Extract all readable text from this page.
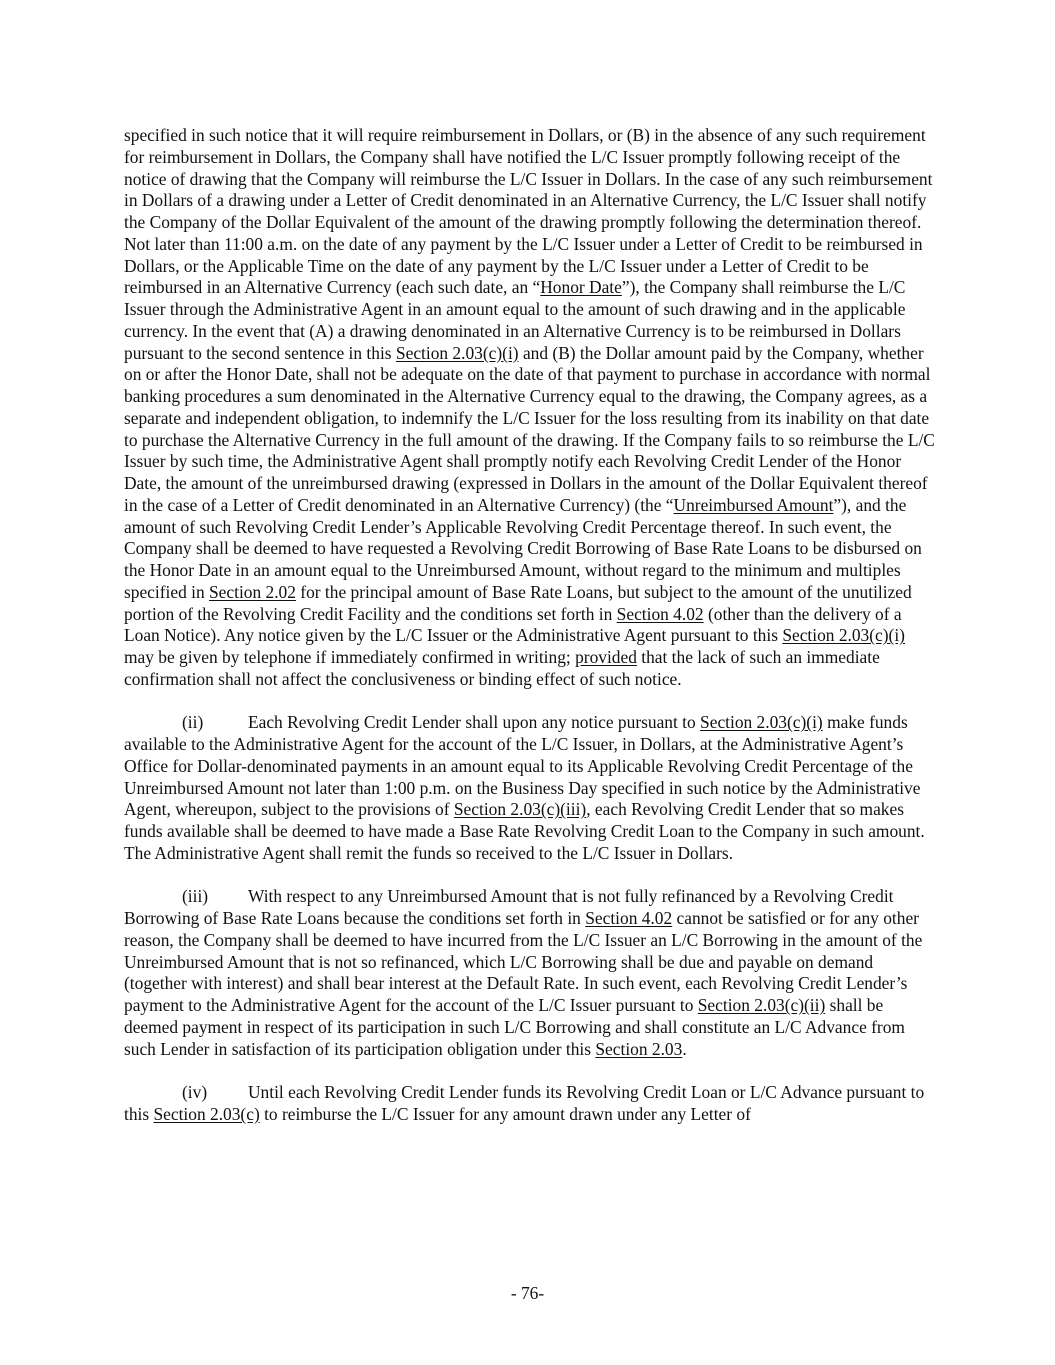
specified in such notice that it will require reimbursement in Dollars, or (B) in the absence of any such requirement for reimbursement in Dollars, the Company shall have notified the L/C Issuer promptly following receipt of the notice of drawing that the Company will reimburse the L/C Issuer in Dollars. In the case of any such reimbursement in Dollars of a drawing under a Letter of Credit denominated in an Alternative Currency, the L/C Issuer shall notify the Company of the Dollar Equivalent of the amount of the drawing promptly following the determination thereof. Not later than 11:00 a.m. on the date of any payment by the L/C Issuer under a Letter of Credit to be reimbursed in Dollars, or the Applicable Time on the date of any payment by the L/C Issuer under a Letter of Credit to be reimbursed in an Alternative Currency (each such date, an “Honor Date”), the Company shall reimburse the L/C Issuer through the Administrative Agent in an amount equal to the amount of such drawing and in the applicable currency. In the event that (A) a drawing denominated in an Alternative Currency is to be reimbursed in Dollars pursuant to the second sentence in this Section 2.03(c)(i) and (B) the Dollar amount paid by the Company, whether on or after the Honor Date, shall not be adequate on the date of that payment to purchase in accordance with normal banking procedures a sum denominated in the Alternative Currency equal to the drawing, the Company agrees, as a separate and independent obligation, to indemnify the L/C Issuer for the loss resulting from its inability on that date to purchase the Alternative Currency in the full amount of the drawing. If the Company fails to so reimburse the L/C Issuer by such time, the Administrative Agent shall promptly notify each Revolving Credit Lender of the Honor Date, the amount of the unreimbursed drawing (expressed in Dollars in the amount of the Dollar Equivalent thereof in the case of a Letter of Credit denominated in an Alternative Currency) (the “Unreimbursed Amount”), and the amount of such Revolving Credit Lender’s Applicable Revolving Credit Percentage thereof. In such event, the Company shall be deemed to have requested a Revolving Credit Borrowing of Base Rate Loans to be disbursed on the Honor Date in an amount equal to the Unreimbursed Amount, without regard to the minimum and multiples specified in Section 2.02 for the principal amount of Base Rate Loans, but subject to the amount of the unutilized portion of the Revolving Credit Facility and the conditions set forth in Section 4.02 (other than the delivery of a Loan Notice). Any notice given by the L/C Issuer or the Administrative Agent pursuant to this Section 2.03(c)(i) may be given by telephone if immediately confirmed in writing; provided that the lack of such an immediate confirmation shall not affect the conclusiveness or binding effect of such notice.

(ii)	Each Revolving Credit Lender shall upon any notice pursuant to Section 2.03(c)(i) make funds available to the Administrative Agent for the account of the L/C Issuer, in Dollars, at the Administrative Agent’s Office for Dollar-denominated payments in an amount equal to its Applicable Revolving Credit Percentage of the Unreimbursed Amount not later than 1:00 p.m. on the Business Day specified in such notice by the Administrative Agent, whereupon, subject to the provisions of Section 2.03(c)(iii), each Revolving Credit Lender that so makes funds available shall be deemed to have made a Base Rate Revolving Credit Loan to the Company in such amount. The Administrative Agent shall remit the funds so received to the L/C Issuer in Dollars.

(iii) With respect to any Unreimbursed Amount that is not fully refinanced by a Revolving Credit Borrowing of Base Rate Loans because the conditions set forth in Section 4.02 cannot be satisfied or for any other reason, the Company shall be deemed to have incurred from the L/C Issuer an L/C Borrowing in the amount of the Unreimbursed Amount that is not so refinanced, which L/C Borrowing shall be due and payable on demand (together with interest) and shall bear interest at the Default Rate. In such event, each Revolving Credit Lender’s payment to the Administrative Agent for the account of the L/C Issuer pursuant to Section 2.03(c)(ii) shall be deemed payment in respect of its participation in such L/C Borrowing and shall constitute an L/C Advance from such Lender in satisfaction of its participation obligation under this Section 2.03.

(iv) Until each Revolving Credit Lender funds its Revolving Credit Loan or L/C Advance pursuant to this Section 2.03(c) to reimburse the L/C Issuer for any amount drawn under any Letter of

- 76-
